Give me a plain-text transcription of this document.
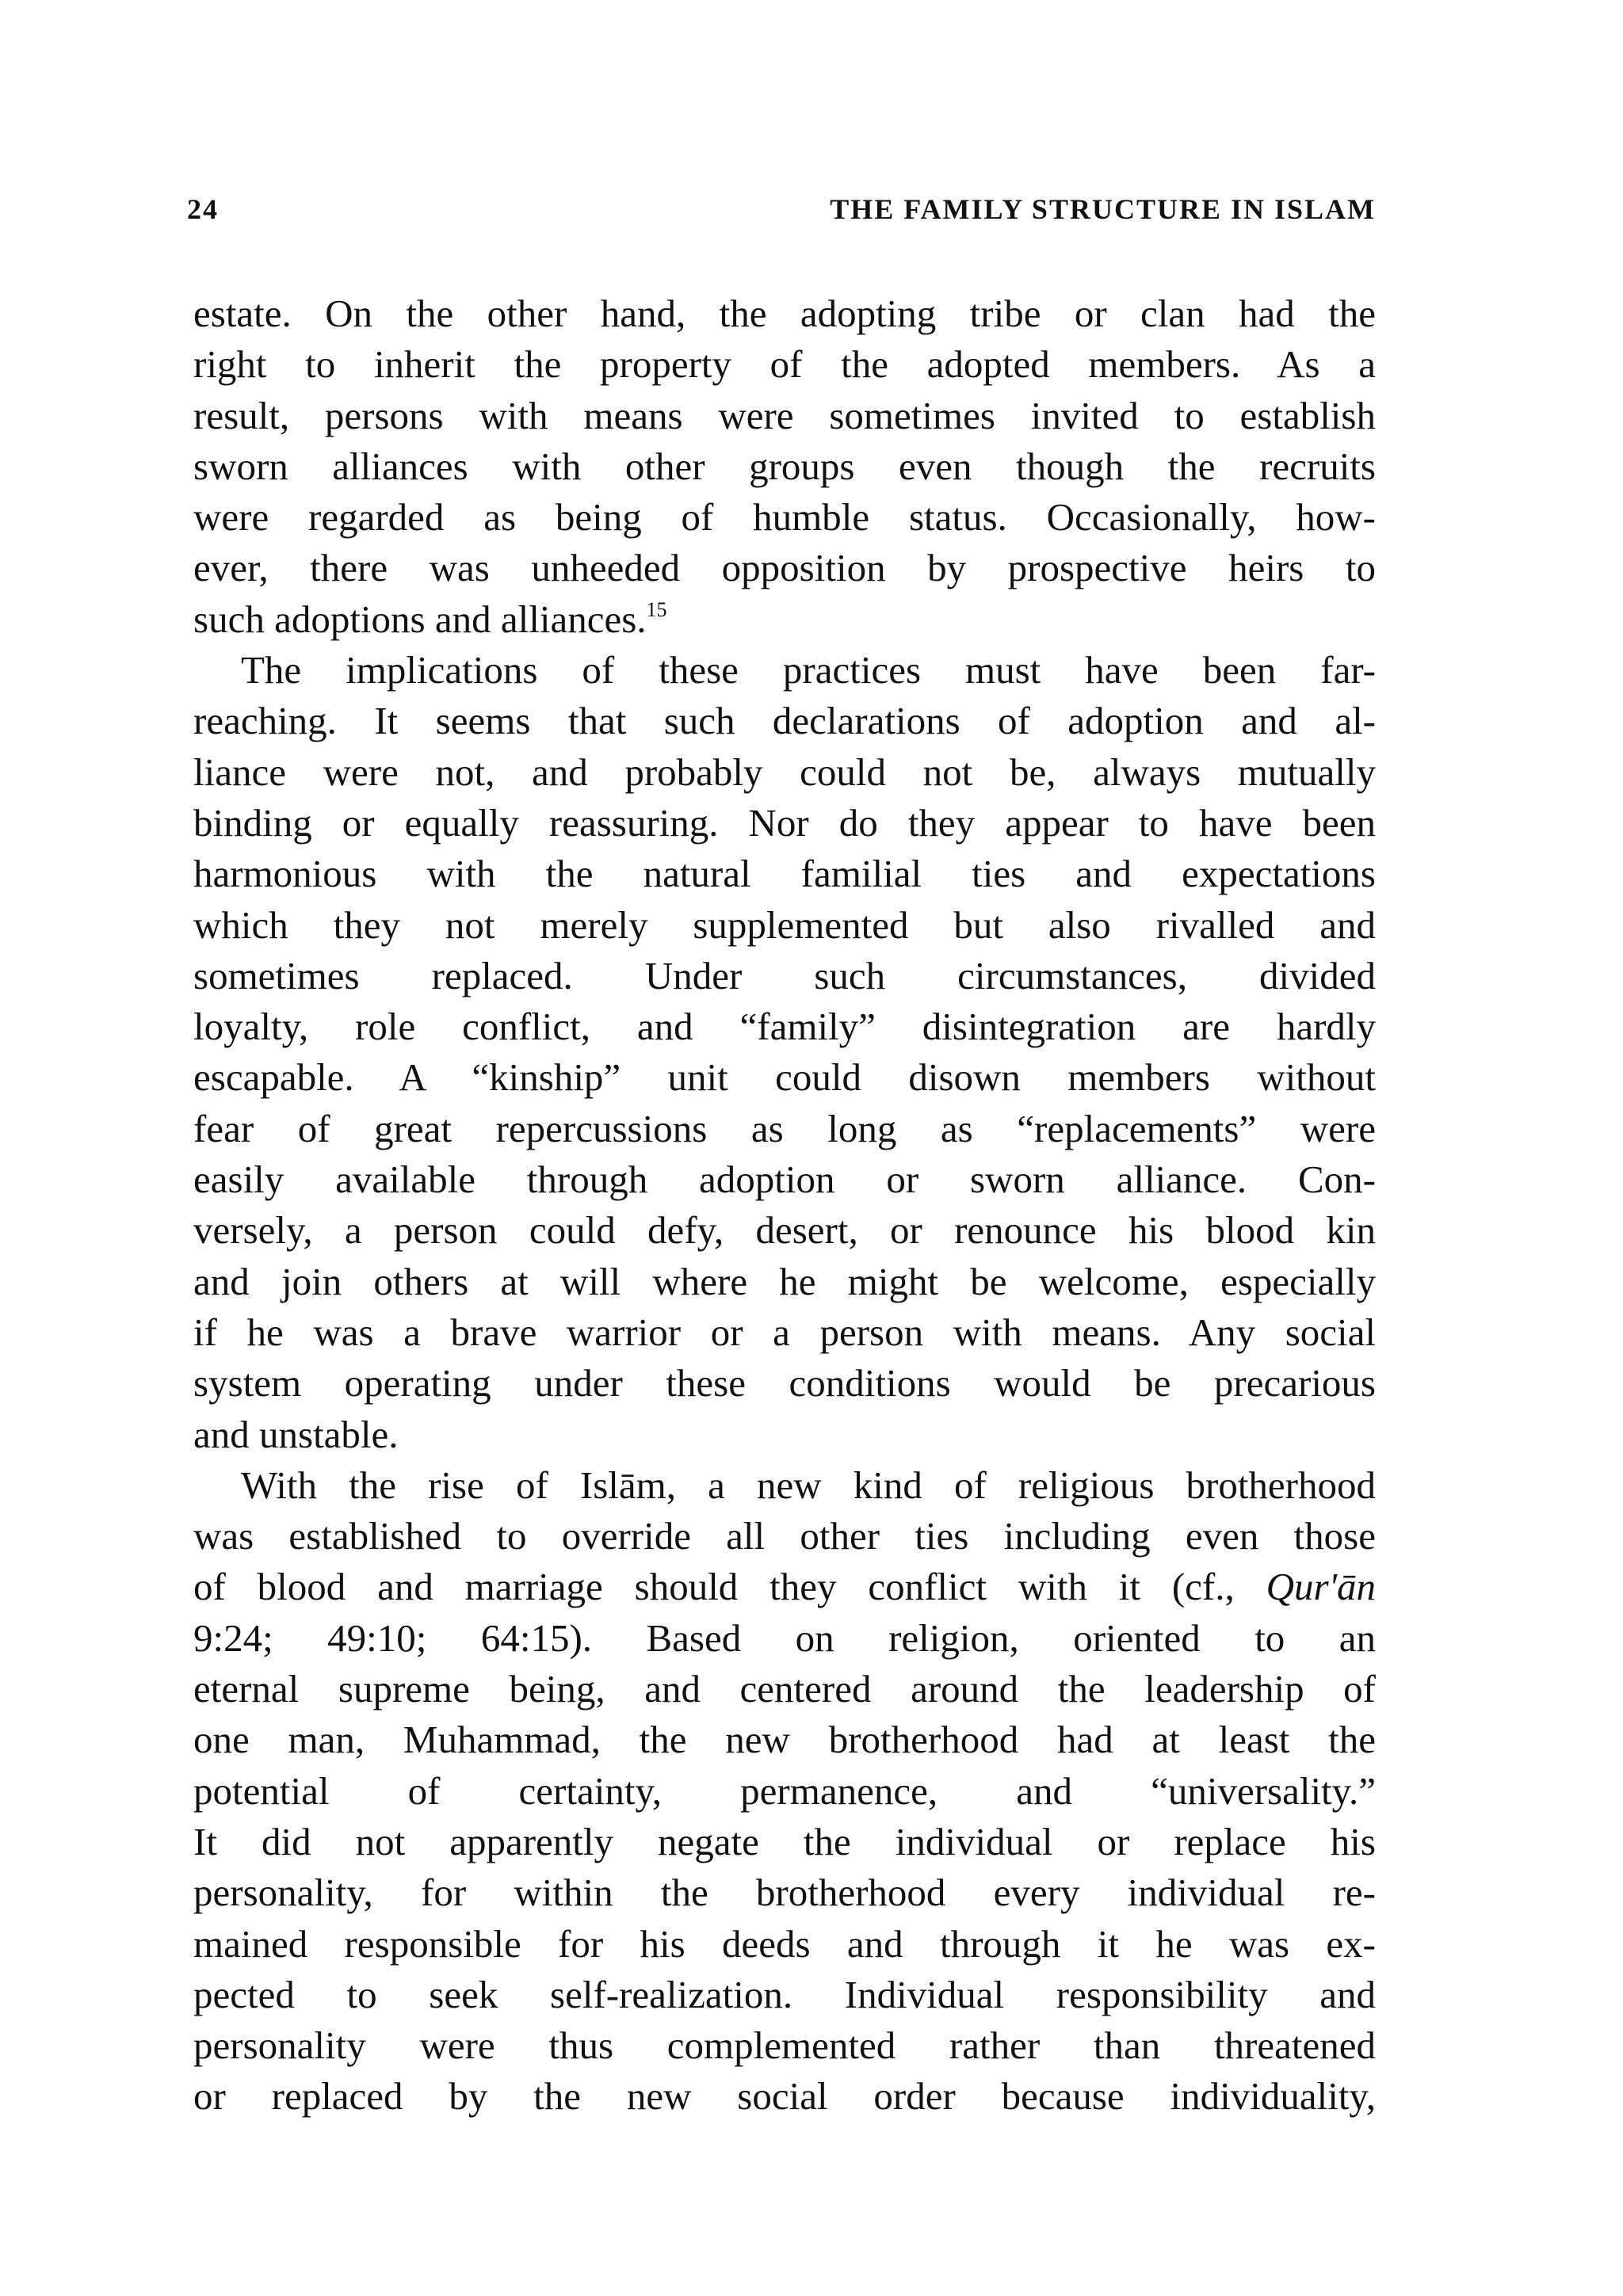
24	THE FAMILY STRUCTURE IN ISLAM
estate. On the other hand, the adopting tribe or clan had the
right to inherit the property of the adopted members. As a
result, persons with means were sometimes invited to establish
sworn alliances with other groups even though the recruits
were regarded as being of humble status. Occasionally, how-
ever, there was unheeded opposition by prospective heirs to
such adoptions and alliances.$^{15}$
The implications of these practices must have been far-
reaching. It seems that such declarations of adoption and al-
liance were not, and probably could not be, always mutually
binding or equally reassuring. Nor do they appear to have been
harmonious with the natural familial ties and expectations
which they not merely supplemented but also rivalled and
sometimes replaced. Under such circumstances, divided
loyalty, role conflict, and “family” disintegration are hardly
escapable. A “kinship” unit could disown members without
fear of great repercussions as long as “replacements” were
easily available through adoption or sworn alliance. Con-
versely, a person could defy, desert, or renounce his blood kin
and join others at will where he might be welcome, especially
if he was a brave warrior or a person with means. Any social
system operating under these conditions would be precarious
and unstable.
With the rise of Islām, a new kind of religious brotherhood
was established to override all other ties including even those
of blood and marriage should they conflict with it (cf., Qur'ān
9:24; 49:10; 64:15). Based on religion, oriented to an
eternal supreme being, and centered around the leadership of
one man, Muhammad, the new brotherhood had at least the
potential of certainty, permanence, and “universality.”
It did not apparently negate the individual or replace his
personality, for within the brotherhood every individual re-
mained responsible for his deeds and through it he was ex-
pected to seek self-realization. Individual responsibility and
personality were thus complemented rather than threatened
or replaced by the new social order because individuality,
